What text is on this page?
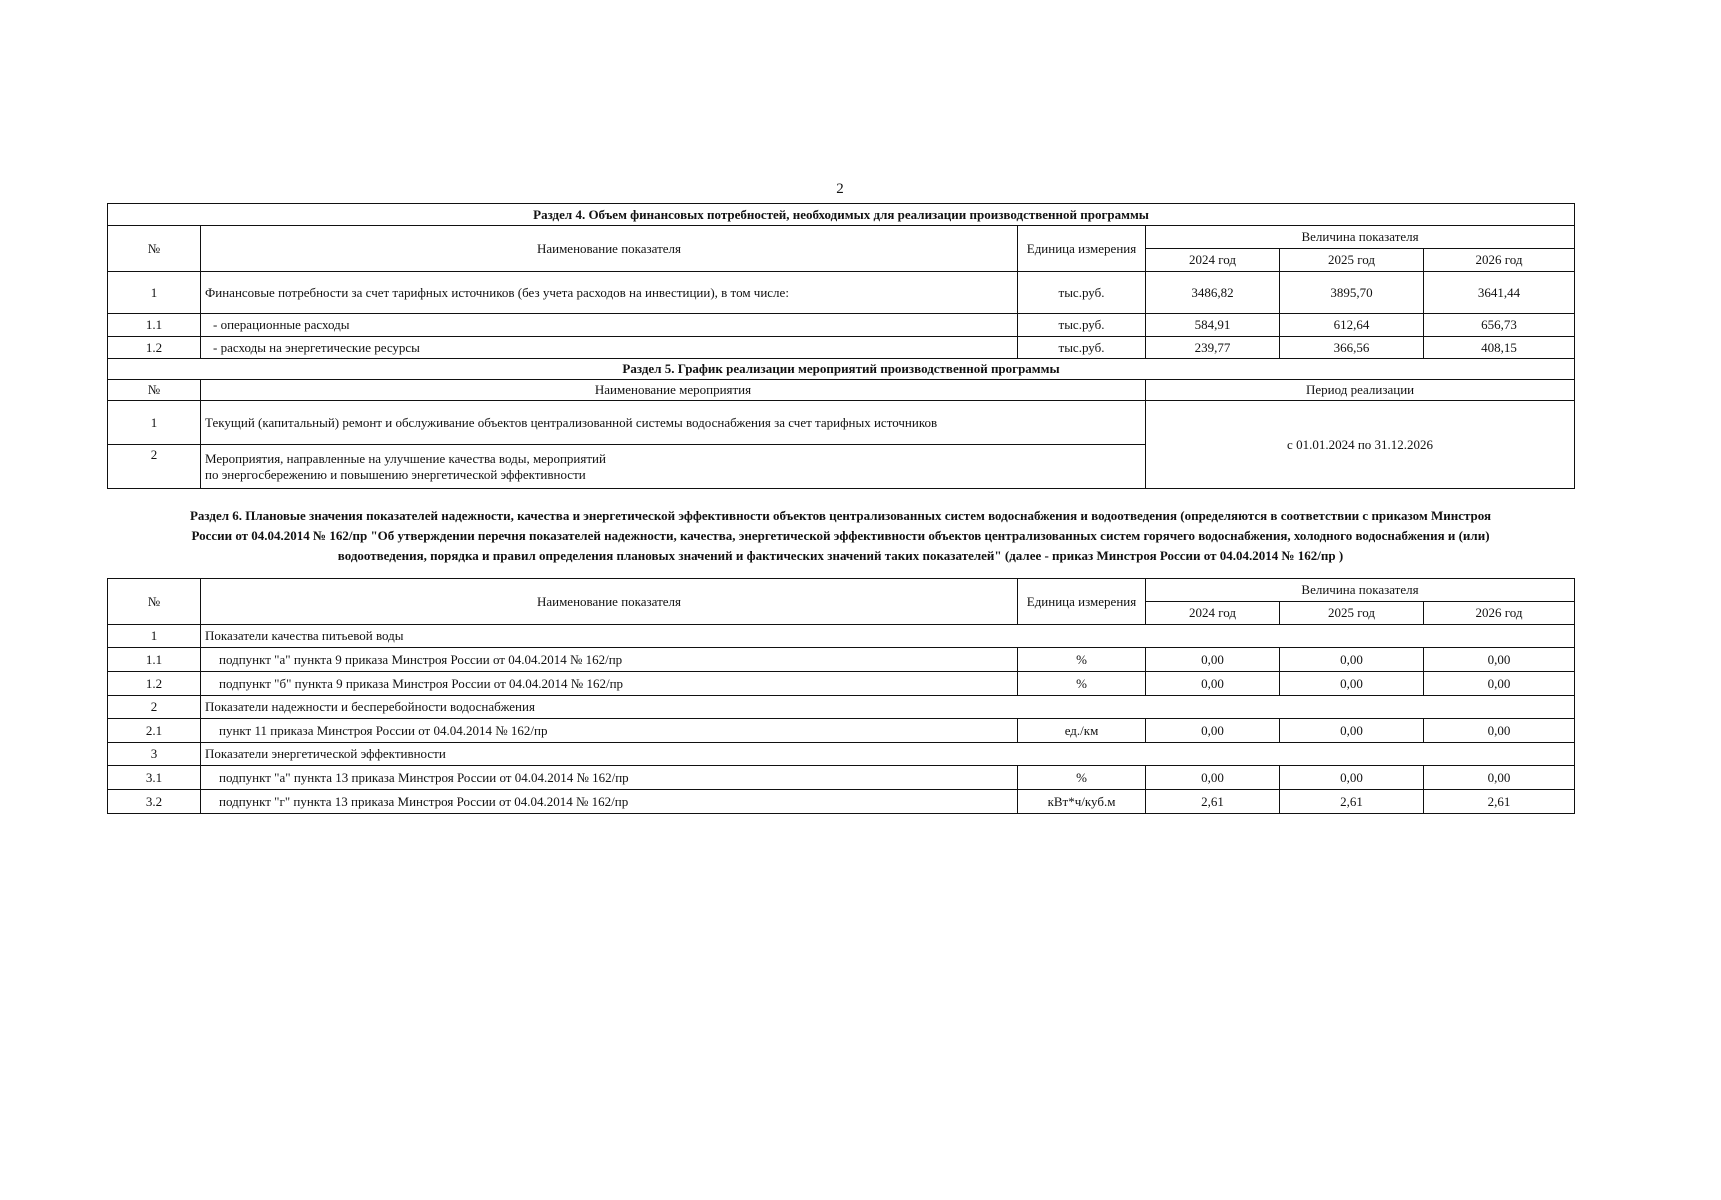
2
Раздел 4. Объем финансовых потребностей, необходимых для реализации производственной программы					
№	Наименование показателя	Единица измерения	Величина показателя		
			2024 год	2025 год	2026 год
1	Финансовые потребности за счет тарифных источников (без учета расходов на инвестиции), в том числе:	тыс.руб.	3486,82	3895,70	3641,44
1.1	- операционные расходы	тыс.руб.	584,91	612,64	656,73
1.2	- расходы на энергетические ресурсы	тыс.руб.	239,77	366,56	408,15
Раздел 5. График реализации мероприятий производственной программы					
№	Наименование мероприятия		Период реализации		
1	Текущий (капитальный) ремонт и обслуживание объектов централизованной системы водоснабжения за счет тарифных источников		с 01.01.2024 по 31.12.2026		
2	Мероприятия, направленные на улучшение качества воды, мероприятий
по энергосбережению и повышению энергетической эффективности				
Раздел 6. Плановые значения показателей надежности, качества и энергетической эффективности объектов централизованных систем водоснабжения и водоотведения (определяются в соответствии с приказом Минстроя
России от 04.04.2014 № 162/пр "Об утверждении перечня показателей надежности, качества, энергетической эффективности объектов централизованных систем горячего водоснабжения, холодного водоснабжения и (или)
водоотведения, порядка и правил определения плановых значений и фактических значений таких показателей" (далее - приказ Минстроя России от 04.04.2014 № 162/пр )
№	Наименование показателя	Единица измерения	Величина показателя		
			2024 год	2025 год	2026 год
1	Показатели качества питьевой воды				
1.1	подпункт "а" пункта 9 приказа Минстроя России от 04.04.2014 № 162/пр	%	0,00	0,00	0,00
1.2	подпункт "б" пункта 9 приказа Минстроя России от 04.04.2014 № 162/пр	%	0,00	0,00	0,00
2	Показатели надежности и бесперебойности водоснабжения				
2.1	пункт 11 приказа Минстроя России от 04.04.2014 № 162/пр	ед./км	0,00	0,00	0,00
3	Показатели энергетической эффективности				
3.1	подпункт "а" пункта 13 приказа Минстроя России от 04.04.2014 № 162/пр	%	0,00	0,00	0,00
3.2	подпункт "г" пункта 13 приказа Минстроя России от 04.04.2014 № 162/пр	кВт*ч/куб.м	2,61	2,61	2,61
